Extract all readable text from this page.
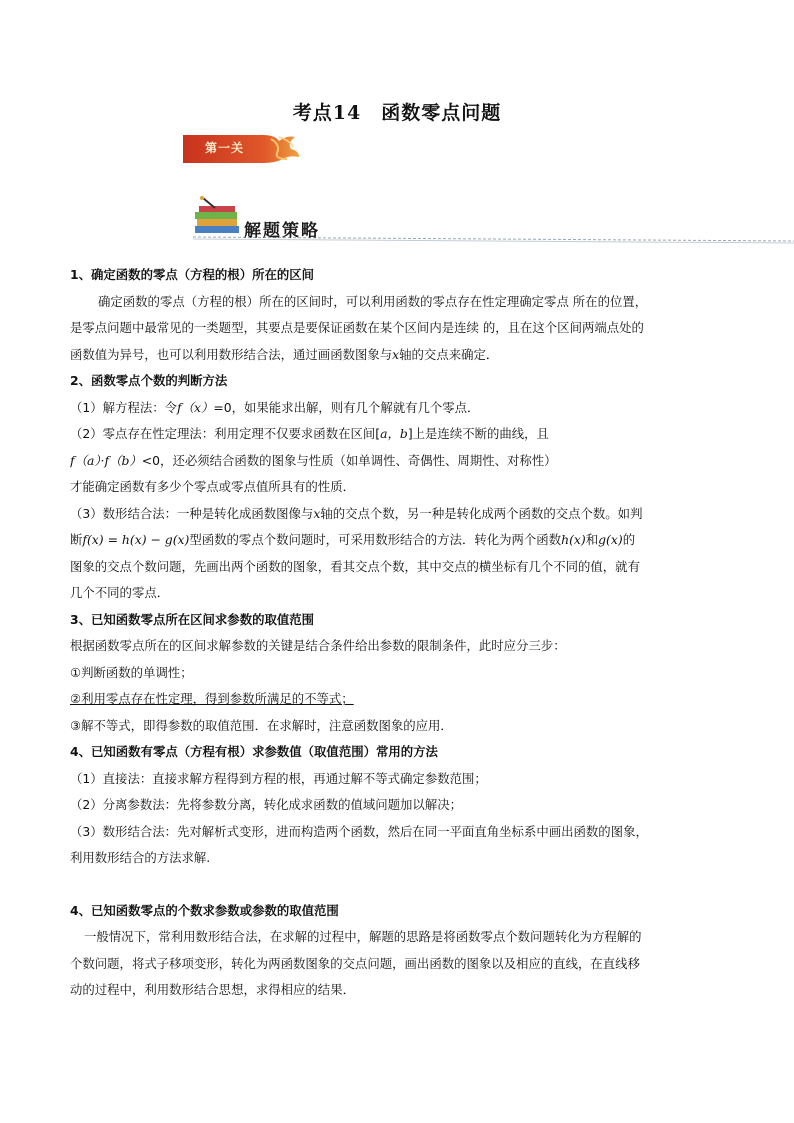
考点14　函数零点问题
第一关
解题策略
1、确定函数的零点（方程的根）所在的区间
确定函数的零点（方程的根）所在的区间时，可以利用函数的零点存在性定理确定零点 所在的位置，
是零点问题中最常见的一类题型，其要点是要保证函数在某个区间内是连续 的，且在这个区间两端点处的
函数值为异号，也可以利用数形结合法，通过画函数图象与x轴的交点来确定．
2、函数零点个数的判断方法
（1）解方程法：令f（x）=0，如果能求出解，则有几个解就有几个零点．
（2）零点存在性定理法：利用定理不仅要求函数在区间[a，b]上是连续不断的曲线，且
f（a）·f（b）<0，还必须结合函数的图象与性质（如单调性、奇偶性、周期性、对称性）
才能确定函数有多少个零点或零点值所具有的性质．
（3）数形结合法：一种是转化成函数图像与x轴的交点个数，另一种是转化成两个函数的交点个数。如判
断f(x) = h(x) − g(x)型函数的零点个数问题时，可采用数形结合的方法．转化为两个函数h(x)和g(x)的
图象的交点个数问题，先画出两个函数的图象，看其交点个数，其中交点的横坐标有几个不同的值，就有
几个不同的零点．
3、已知函数零点所在区间求参数的取值范围
根据函数零点所在的区间求解参数的关键是结合条件给出参数的限制条件，此时应分三步：
①判断函数的单调性；
②利用零点存在性定理，得到参数所满足的不等式；
③解不等式，即得参数的取值范围．在求解时，注意函数图象的应用．
4、已知函数有零点（方程有根）求参数值（取值范围）常用的方法
（1）直接法：直接求解方程得到方程的根，再通过解不等式确定参数范围；
（2）分离参数法：先将参数分离，转化成求函数的值域问题加以解决；
（3）数形结合法：先对解析式变形，进而构造两个函数，然后在同一平面直角坐标系中画出函数的图象，
利用数形结合的方法求解.
4、已知函数零点的个数求参数或参数的取值范围
一般情况下，常利用数形结合法，在求解的过程中，解题的思路是将函数零点个数问题转化为方程解的
个数问题，将式子移项变形，转化为两函数图象的交点问题，画出函数的图象以及相应的直线，在直线移
动的过程中，利用数形结合思想，求得相应的结果．
